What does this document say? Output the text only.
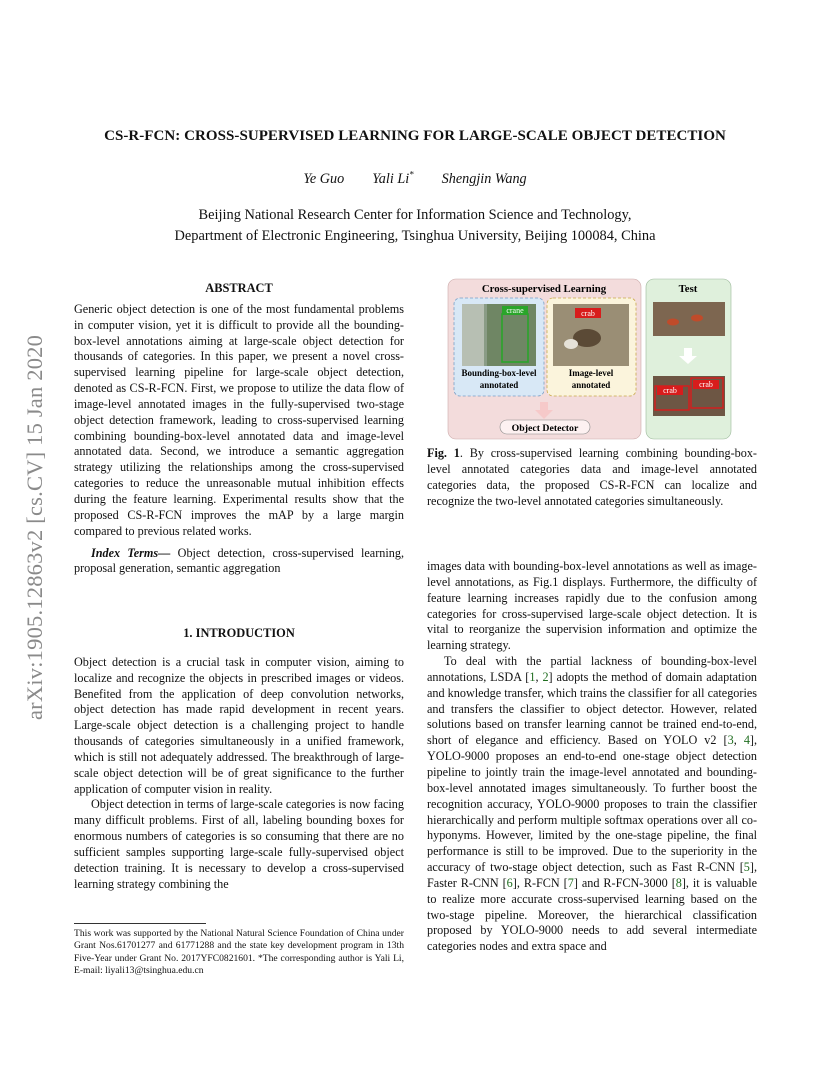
arXiv:1905.12863v2 [cs.CV] 15 Jan 2020
CS-R-FCN: CROSS-SUPERVISED LEARNING FOR LARGE-SCALE OBJECT DETECTION
Ye Guo Yali Li* Shengjin Wang
Beijing National Research Center for Information Science and Technology,
Department of Electronic Engineering, Tsinghua University, Beijing 100084, China
ABSTRACT

Generic object detection is one of the most fundamental problems in computer vision, yet it is difficult to provide all the bounding-box-level annotations aiming at large-scale object detection for thousands of categories. In this paper, we present a novel cross-supervised learning pipeline for large-scale object detection, denoted as CS-R-FCN. First, we propose to utilize the data flow of image-level annotated images in the fully-supervised two-stage object detection framework, leading to cross-supervised learning combining bounding-box-level annotated data and image-level annotated data. Second, we introduce a semantic aggregation strategy utilizing the relationships among the cross-supervised categories to reduce the unreasonable mutual inhibition effects during the feature learning. Experimental results show that the proposed CS-R-FCN improves the mAP by a large margin compared to previous related works.

Index Terms— Object detection, cross-supervised learning, proposal generation, semantic aggregation

1. INTRODUCTION

Object detection is a crucial task in computer vision, aiming to localize and recognize the objects in prescribed images or videos. Benefited from the application of deep convolution networks, object detection has made rapid development in recent years. Large-scale object detection is a challenging project to handle thousands of categories simultaneously in a unified framework, which is still not adequately addressed. The breakthrough of large-scale object detection will be of great significance to the further application of computer vision in reality.

Object detection in terms of large-scale categories is now facing many difficult problems. First of all, labeling bounding boxes for enormous numbers of categories is so consuming that there are no sufficient samples supporting large-scale fully-supervised object detection training. It is necessary to develop a cross-supervised learning strategy combining the

This work was supported by the National Natural Science Foundation of China under Grant Nos.61701277 and 61771288 and the state key development program in 13th Five-Year under Grant No. 2017YFC0821601. *The corresponding author is Yali Li, E-mail: liyali13@tsinghua.edu.cn
Cross-supervised Learning
crane
Bounding-box-level
annotated
crab
Image-level
annotated
Object Detector
Test
crab
crab
Fig. 1. By cross-supervised learning combining bounding-box-level annotated categories data and image-level annotated categories data, the proposed CS-R-FCN can localize and recognize the two-level annotated categories simultaneously.

images data with bounding-box-level annotations as well as image-level annotations, as Fig.1 displays. Furthermore, the difficulty of feature learning increases rapidly due to the confusion among categories for cross-supervised large-scale object detection. It is vital to reorganize the supervision information and optimize the learning strategy.

To deal with the partial lackness of bounding-box-level annotations, LSDA [1, 2] adopts the method of domain adaptation and knowledge transfer, which trains the classifier for all categories and transfers the classifier to object detector. However, related solutions based on transfer learning cannot be trained end-to-end, short of elegance and efficiency. Based on YOLO v2 [3, 4], YOLO-9000 proposes an end-to-end one-stage object detection pipeline to jointly train the image-level annotated and bounding-box-level annotated images simultaneously. To further boost the recognition accuracy, YOLO-9000 proposes to train the classifier hierarchically and perform multiple softmax operations over all co-hyponyms. However, limited by the one-stage pipeline, the final performance is still to be improved. Due to the superiority in the accuracy of two-stage object detection, such as Fast R-CNN [5], Faster R-CNN [6], R-FCN [7] and R-FCN-3000 [8], it is valuable to realize more accurate cross-supervised learning based on the two-stage pipeline. Moreover, the hierarchical classification proposed by YOLO-9000 needs to add several intermediate categories nodes and extra space and
